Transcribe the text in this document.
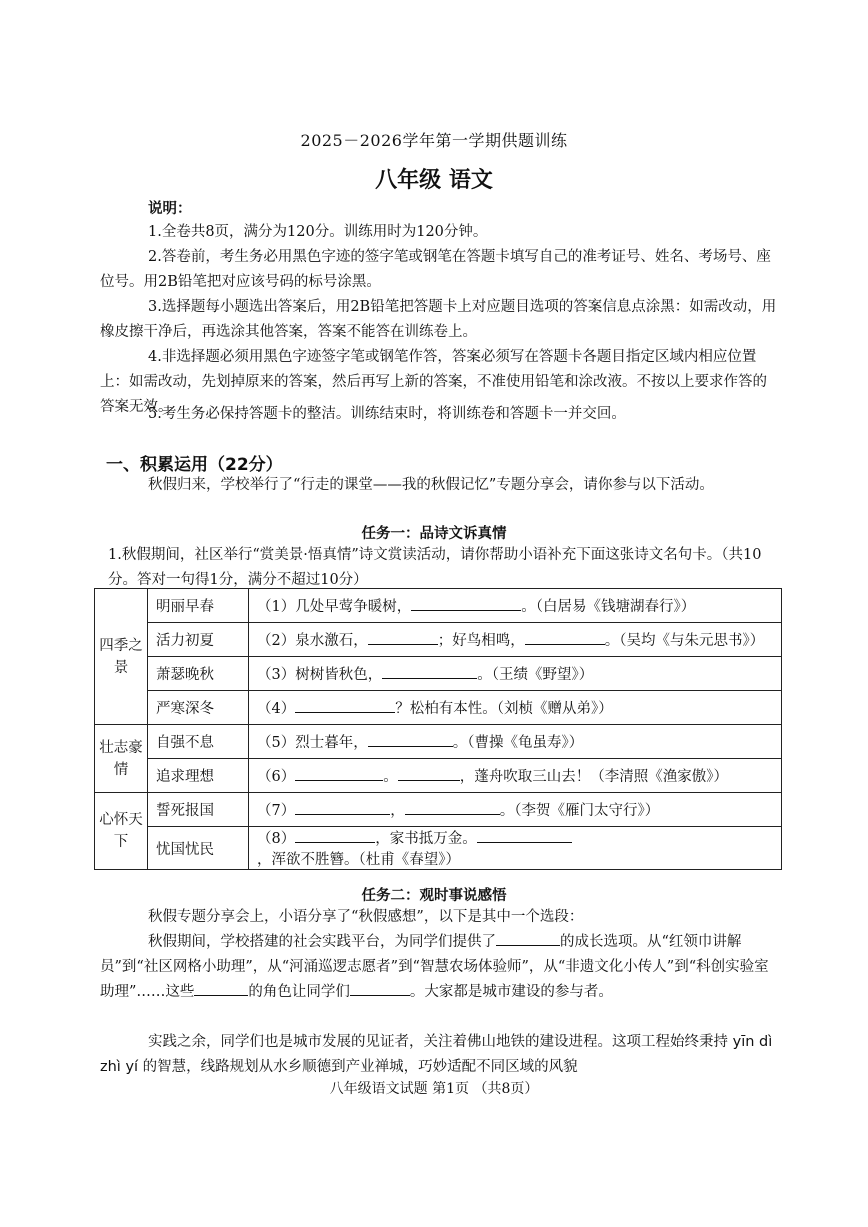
2025－2026学年第一学期供题训练
八年级 语文

说明：

1.全卷共8页，满分为120分。训练用时为120分钟。

2.答卷前，考生务必用黑色字迹的签字笔或钢笔在答题卡填写自己的准考证号、姓名、考场号、座位号。用2B铅笔把对应该号码的标号涂黑。

3.选择题每小题选出答案后，用2B铅笔把答题卡上对应题目选项的答案信息点涂黑：如需改动，用橡皮擦干净后，再选涂其他答案，答案不能答在训练卷上。

4.非选择题必须用黑色字迹签字笔或钢笔作答，答案必须写在答题卡各题目指定区域内相应位置上：如需改动，先划掉原来的答案，然后再写上新的答案，不准使用铅笔和涂改液。不按以上要求作答的答案无效。

5.考生务必保持答题卡的整洁。训练结束时，将训练卷和答题卡一并交回。

一、积累运用（22分）

秋假归来，学校举行了“行走的课堂——我的秋假记忆”专题分享会，请你参与以下活动。

任务一：品诗文诉真情

1.秋假期间，社区举行“赏美景·悟真情”诗文赏读活动，请你帮助小语补充下面这张诗文名句卡。（共10分。答对一句得1分，满分不超过10分）

四季之景	明丽早春	（1）几处早莺争暖树， 。（白居易《钱塘湖春行》）
	活力初夏	（2）泉水激石， ；好鸟相鸣， 。（吴均《与朱元思书》）
	萧瑟晚秋	（3）树树皆秋色， 。（王绩《野望》）
	严寒深冬	（4） ？松柏有本性。（刘桢《赠从弟》）
壮志豪情	自强不息	（5）烈士暮年， 。（曹操《龟虽寿》）
	追求理想	（6） 。 ，蓬舟吹取三山去！（李清照《渔家傲》）
心怀天下	誓死报国	（7） ， 。（李贺《雁门太守行》）
	忧国忧民	（8） ，家书抵万金。，浑欲不胜簪。（杜甫《春望》）
任务二：观时事说感悟

秋假专题分享会上，小语分享了“秋假感想”，以下是其中一个选段：

秋假期间，学校搭建的社会实践平台，为同学们提供了	的成长选项。从“红领巾讲解员”到“社区网格小助理”，从“河涌巡逻志愿者”到“智慧农场体验师”，从“非遗文化小传人”到“科创实验室助理”……这些	的角色让同学们	。大家都是城市建设的参与者。

实践之余，同学们也是城市发展的见证者，关注着佛山地铁的建设进程。这项工程始终秉持 yīn dì zhì yí 的智慧，线路规划从水乡顺德到产业禅城，巧妙适配不同区域的风貌

八年级语文试题 第1页 （共8页）
